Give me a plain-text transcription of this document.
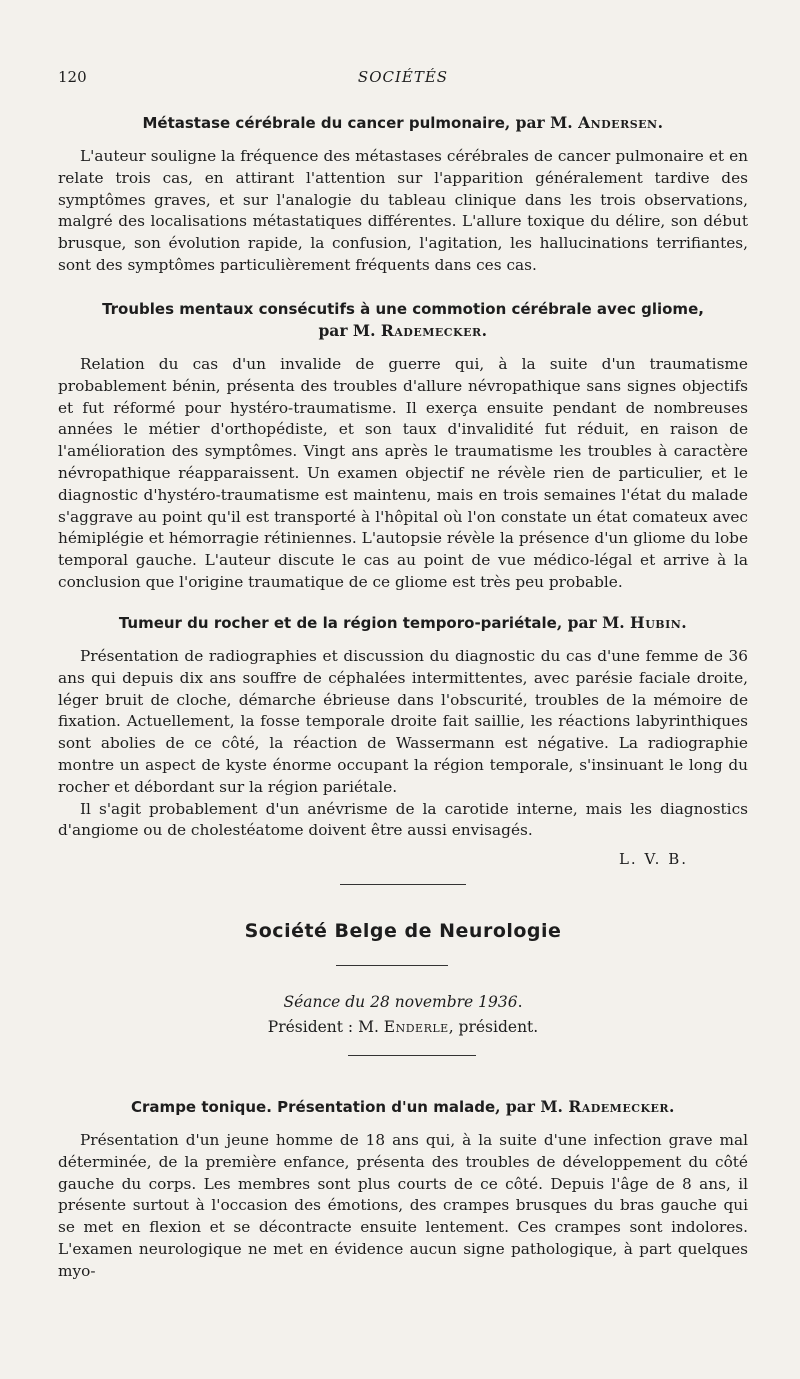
120	SOCIÉTÉS
Métastase cérébrale du cancer pulmonaire, par M. Andersen.

L'auteur souligne la fréquence des métastases cérébrales de cancer pulmonaire et en relate trois cas, en attirant l'attention sur l'apparition généralement tardive des symptômes graves, et sur l'analogie du tableau clinique dans les trois observations, malgré des localisations métastatiques différentes. L'allure toxique du délire, son début brusque, son évolution rapide, la confusion, l'agitation, les hallucinations terrifiantes, sont des symptômes particulièrement fréquents dans ces cas.

Troubles mentaux consécutifs à une commotion cérébrale avec gliome,
par M. Rademecker.

Relation du cas d'un invalide de guerre qui, à la suite d'un traumatisme probablement bénin, présenta des troubles d'allure névropathique sans signes objectifs et fut réformé pour hystéro-traumatisme. Il exerça ensuite pendant de nombreuses années le métier d'orthopédiste, et son taux d'invalidité fut réduit, en raison de l'amélioration des symptômes. Vingt ans après le traumatisme les troubles à caractère névropathique réapparaissent. Un examen objectif ne révèle rien de particulier, et le diagnostic d'hystéro-traumatisme est maintenu, mais en trois semaines l'état du malade s'aggrave au point qu'il est transporté à l'hôpital où l'on constate un état comateux avec hémiplégie et hémorragie rétiniennes. L'autopsie révèle la présence d'un gliome du lobe temporal gauche. L'auteur discute le cas au point de vue médico-légal et arrive à la conclusion que l'origine traumatique de ce gliome est très peu probable.

Tumeur du rocher et de la région temporo-pariétale, par M. Hubin.

Présentation de radiographies et discussion du diagnostic du cas d'une femme de 36 ans qui depuis dix ans souffre de céphalées intermittentes, avec parésie faciale droite, léger bruit de cloche, démarche ébrieuse dans l'obscurité, troubles de la mémoire de fixation. Actuellement, la fosse temporale droite fait saillie, les réactions labyrinthiques sont abolies de ce côté, la réaction de Wassermann est négative. La radiographie montre un aspect de kyste énorme occupant la région temporale, s'insinuant le long du rocher et débordant sur la région pariétale.

Il s'agit probablement d'un anévrisme de la carotide interne, mais les diagnostics d'angiome ou de cholestéatome doivent être aussi envisagés.

L. V. B.
Société Belge de Neurologie
Séance du 28 novembre 1936.
Président : M. Enderle, président.
Crampe tonique. Présentation d'un malade, par M. Rademecker.

Présentation d'un jeune homme de 18 ans qui, à la suite d'une infection grave mal déterminée, de la première enfance, présenta des troubles de développement du côté gauche du corps. Les membres sont plus courts de ce côté. Depuis l'âge de 8 ans, il présente surtout à l'occasion des émotions, des crampes brusques du bras gauche qui se met en flexion et se décontracte ensuite lentement. Ces crampes sont indolores. L'examen neurologique ne met en évidence aucun signe pathologique, à part quelques myo-
